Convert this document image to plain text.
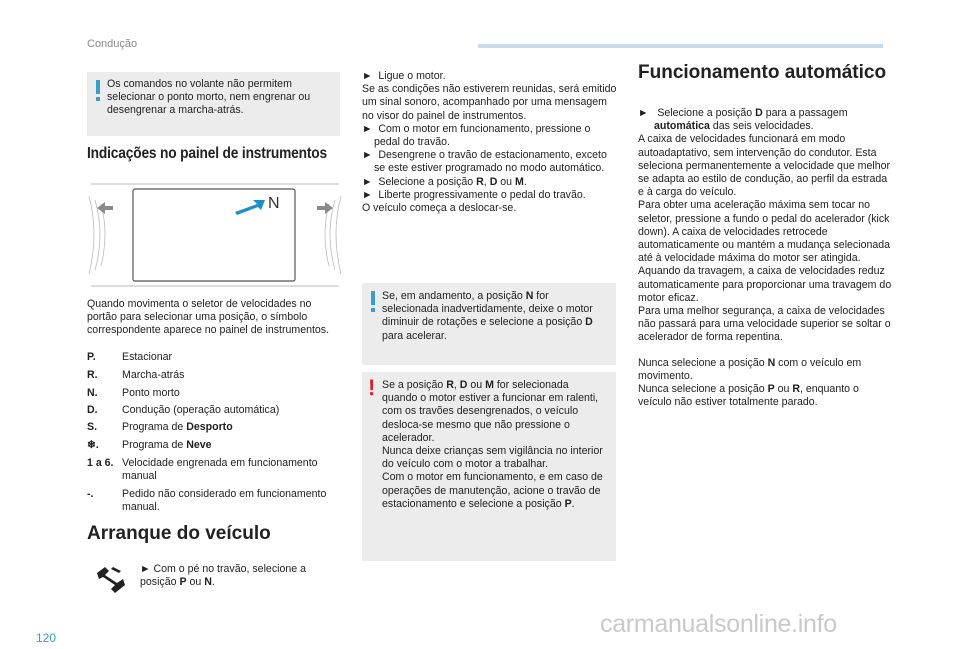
Condução
Os comandos no volante não permitem selecionar o ponto morto, nem engrenar ou desengrenar a marcha-atrás.
Indicações no painel de instrumentos
N
Quando movimenta o seletor de velocidades no portão para selecionar uma posição, o símbolo correspondente aparece no painel de instrumentos.
P. Estacionar
R. Marcha-atrás
N. Ponto morto
D. Condução (operação automática)
S. Programa de Desporto
❄. Programa de Neve
1 a 6. Velocidade engrenada em funcionamento manual
-.	Pedido não considerado em funcionamento manual.
Arranque do veículo
► Com o pé no travão, selecione a posição P ou N.
►  Ligue o motor.
Se as condições não estiverem reunidas, será emitido um sinal sonoro, acompanhado por uma mensagem no visor do painel de instrumentos.
►  Com o motor em funcionamento, pressione o pedal do travão.
►  Desengrene o travão de estacionamento, exceto se este estiver programado no modo automático.
►  Selecione a posição R, D ou M.
►  Liberte progressivamente o pedal do travão.
O veículo começa a deslocar-se.
Se, em andamento, a posição N for selecionada inadvertidamente, deixe o motor diminuir de rotações e selecione a posição D para acelerar.
! Se a posição R, D ou M for selecionada quando o motor estiver a funcionar em ralenti, com os travões desengrenados, o veículo desloca-se mesmo que não pressione o acelerador.
Nunca deixe crianças sem vigilância no interior do veículo com o motor a trabalhar.
Com o motor em funcionamento, e em caso de operações de manutenção, acione o travão de estacionamento e selecione a posição P.
Funcionamento automático
►   Selecione a posição D para a passagem automática das seis velocidades.
A caixa de velocidades funcionará em modo autoadaptativo, sem intervenção do condutor. Esta seleciona permanentemente a velocidade que melhor se adapta ao estilo de condução, ao perfil da estrada e à carga do veículo.
Para obter uma aceleração máxima sem tocar no seletor, pressione a fundo o pedal do acelerador (kick down). A caixa de velocidades retrocede automaticamente ou mantém a mudança selecionada até à velocidade máxima do motor ser atingida.
Aquando da travagem, a caixa de velocidades reduz automaticamente para proporcionar uma travagem do motor eficaz.
Para uma melhor segurança, a caixa de velocidades não passará para uma velocidade superior se soltar o acelerador de forma repentina.
Nunca selecione a posição N com o veículo em movimento.
Nunca selecione a posição P ou R, enquanto o veículo não estiver totalmente parado.
120	carmanualsonline.info
